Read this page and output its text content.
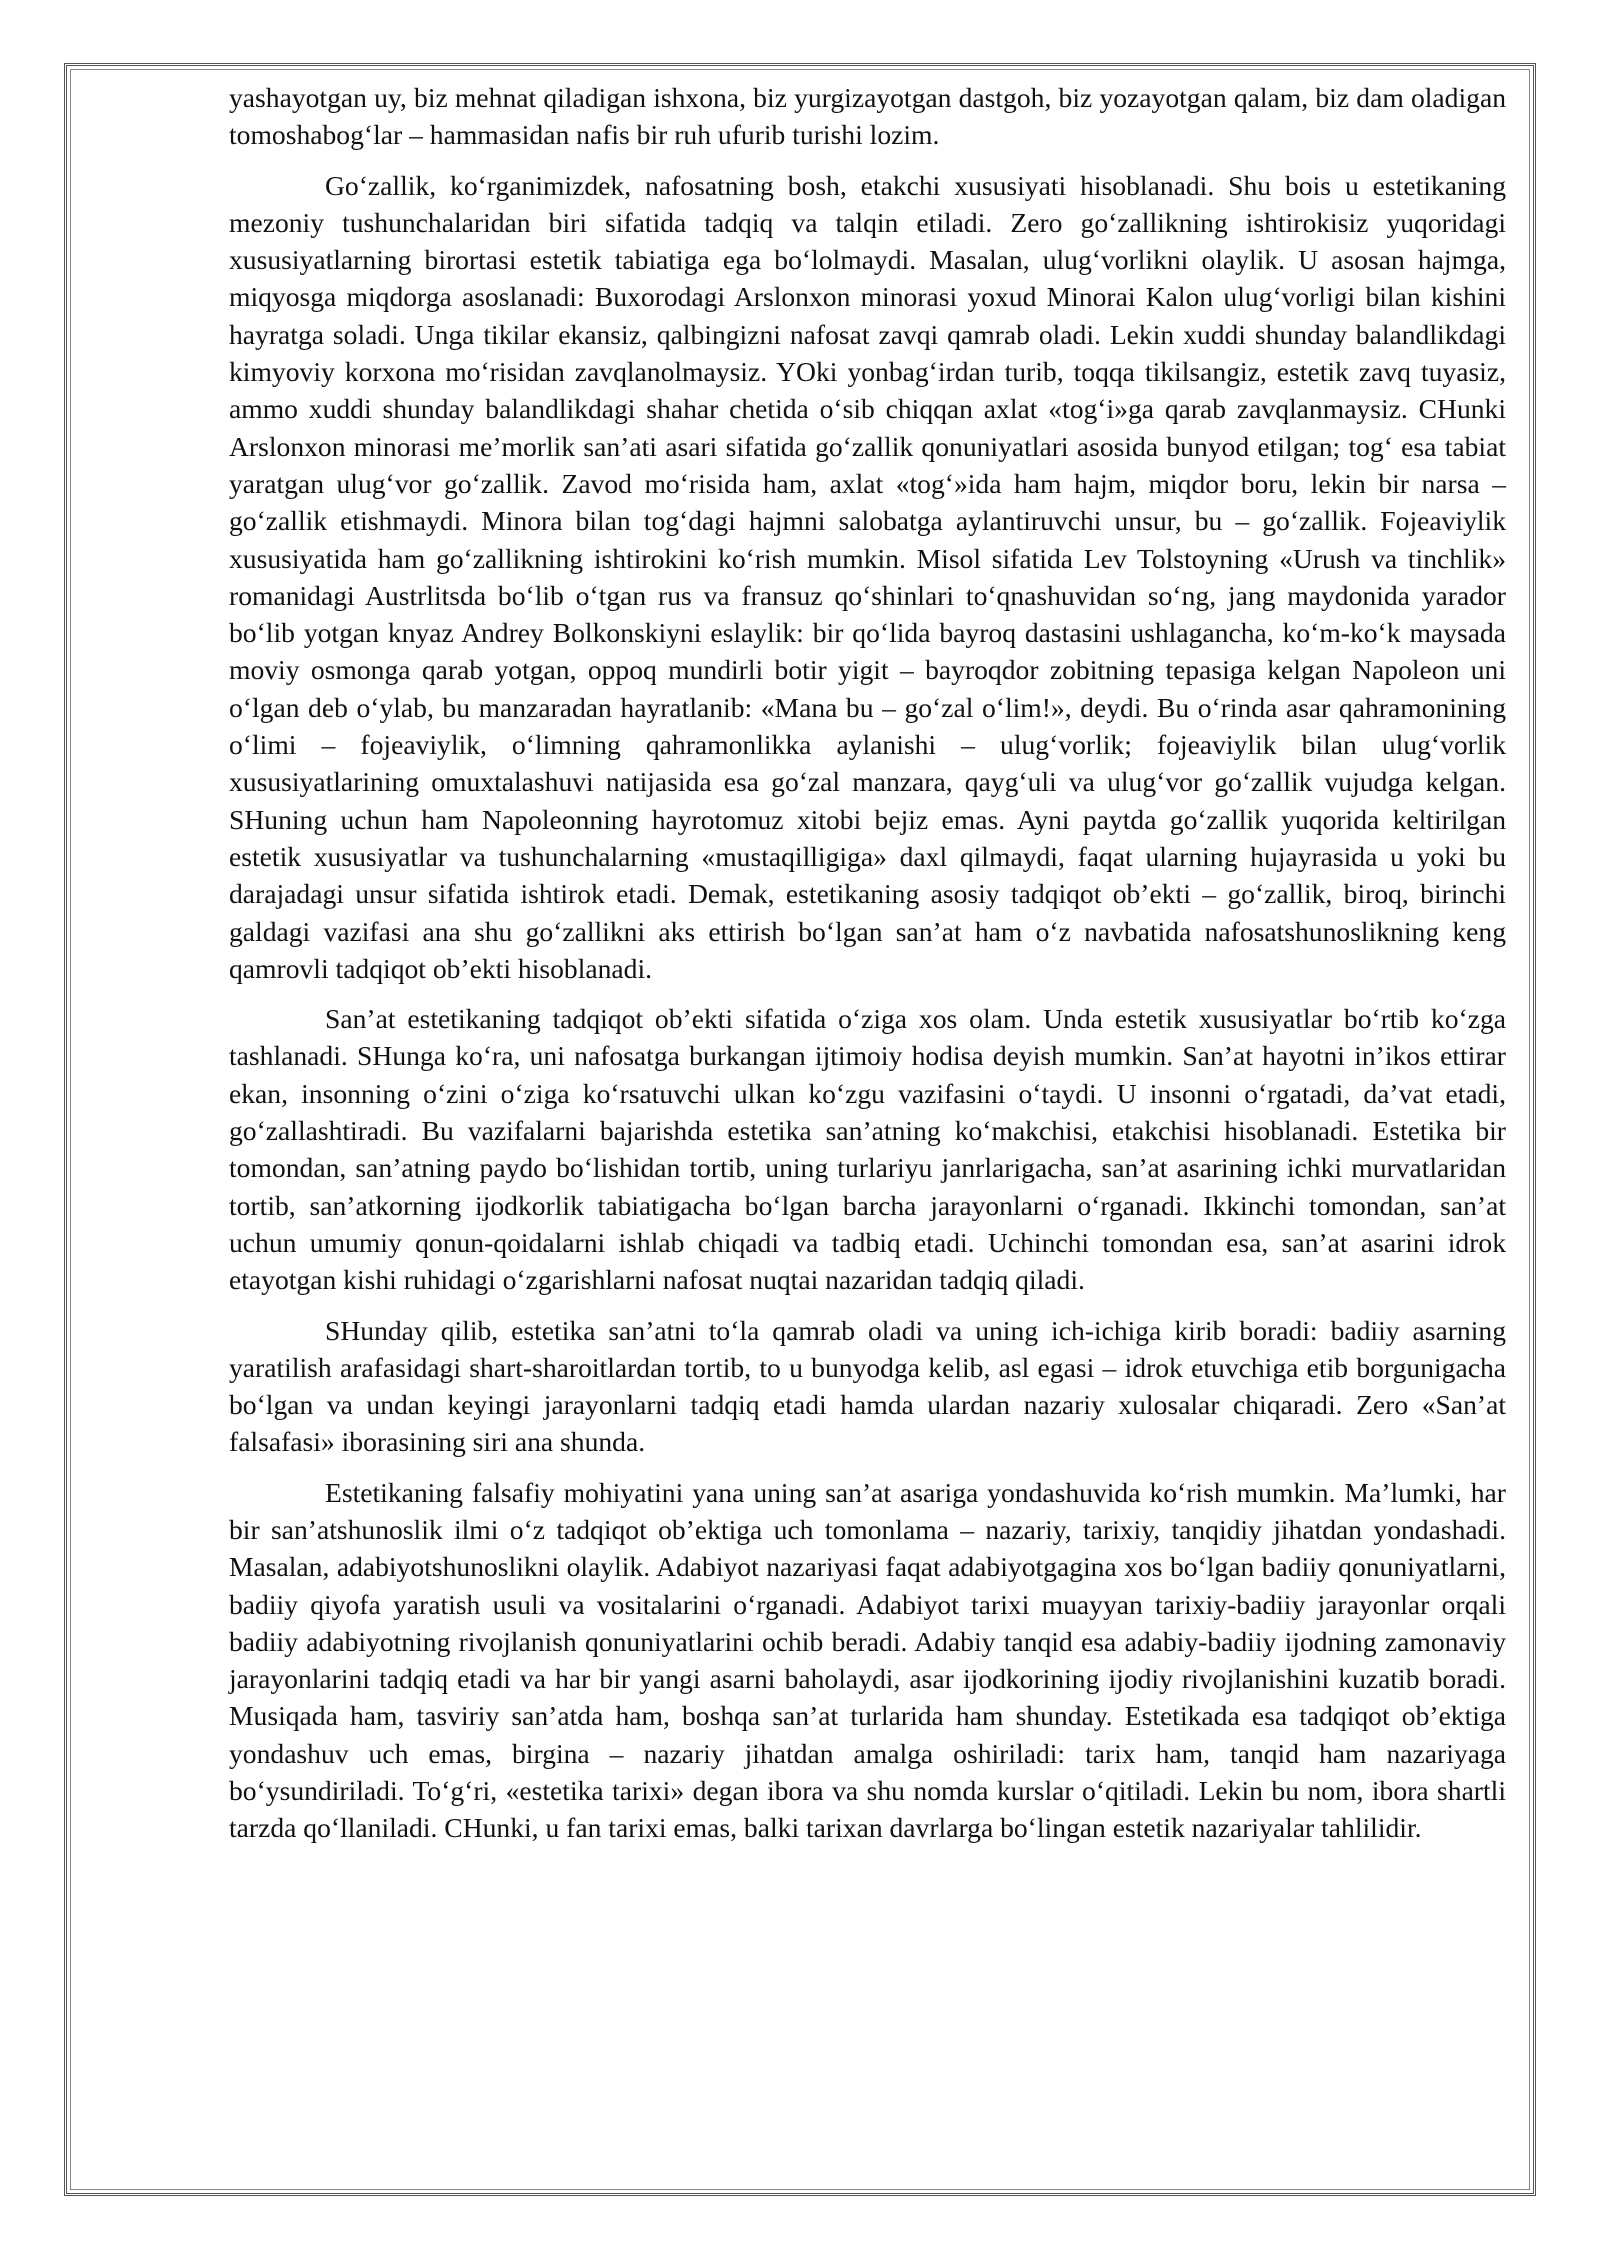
yashayotgan uy, biz mehnat qiladigan ishxona, biz yurgizayotgan dastgoh, biz yozayotgan qalam, biz dam oladigan tomoshabog‘lar – hammasidan nafis bir ruh ufurib turishi lozim.

Go‘zallik, ko‘rganimizdek, nafosatning bosh, etakchi xususiyati hisoblanadi. Shu bois u estetikaning mezoniy tushunchalaridan biri sifatida tadqiq va talqin etiladi. Zero go‘zallikning ishtirokisiz yuqoridagi xususiyatlarning birortasi estetik tabiatiga ega bo‘lolmaydi. Masalan, ulug‘vorlikni olaylik. U asosan hajmga, miqyosga miqdorga asoslanadi: Buxorodagi Arslonxon minorasi yoxud Minorai Kalon ulug‘vorligi bilan kishini hayratga soladi. Unga tikilar ekansiz, qalbingizni nafosat zavqi qamrab oladi. Lekin xuddi shunday balandlikdagi kimyoviy korxona mo‘risidan zavqlanolmaysiz. YOki yonbag‘irdan turib, toqqa tikilsangiz, estetik zavq tuyasiz, ammo xuddi shunday balandlikdagi shahar chetida o‘sib chiqqan axlat «tog‘i»ga qarab zavqlanmaysiz. CHunki Arslonxon minorasi me’morlik san’ati asari sifatida go‘zallik qonuniyatlari asosida bunyod etilgan; tog‘ esa tabiat yaratgan ulug‘vor go‘zallik. Zavod mo‘risida ham, axlat «tog‘»ida ham hajm, miqdor boru, lekin bir narsa –go‘zallik etishmaydi. Minora bilan tog‘dagi hajmni salobatga aylantiruvchi unsur, bu – go‘zallik. Fojeaviylik xususiyatida ham go‘zallikning ishtirokini ko‘rish mumkin. Misol sifatida Lev Tolstoyning «Urush va tinchlik» romanidagi Austrlitsda bo‘lib o‘tgan rus va fransuz qo‘shinlari to‘qnashuvidan so‘ng, jang maydonida yarador bo‘lib yotgan knyaz Andrey Bolkonskiyni eslaylik: bir qo‘lida bayroq dastasini ushlagancha, ko‘m-ko‘k maysada moviy osmonga qarab yotgan, oppoq mundirli botir yigit – bayroqdor zobitning tepasiga kelgan Napoleon uni o‘lgan deb o‘ylab, bu manzaradan hayratlanib: «Mana bu – go‘zal o‘lim!», deydi. Bu o‘rinda asar qahramonining o‘limi – fojeaviylik, o‘limning qahramonlikka aylanishi – ulug‘vorlik; fojeaviylik bilan ulug‘vorlik xususiyatlarining omuxtalashuvi natijasida esa go‘zal manzara, qayg‘uli va ulug‘vor go‘zallik vujudga kelgan. SHuning uchun ham Napoleonning hayrotomuz xitobi bejiz emas. Ayni paytda go‘zallik yuqorida keltirilgan estetik xususiyatlar va tushunchalarning «mustaqilligiga» daxl qilmaydi, faqat ularning hujayrasida u yoki bu darajadagi unsur sifatida ishtirok etadi. Demak, estetikaning asosiy tadqiqot ob’ekti – go‘zallik, biroq, birinchi galdagi vazifasi ana shu go‘zallikni aks ettirish bo‘lgan san’at ham o‘z navbatida nafosatshunoslikning keng qamrovli tadqiqot ob’ekti hisoblanadi.

San’at estetikaning tadqiqot ob’ekti sifatida o‘ziga xos olam. Unda estetik xususiyatlar bo‘rtib ko‘zga tashlanadi. SHunga ko‘ra, uni nafosatga burkangan ijtimoiy hodisa deyish mumkin. San’at hayotni in’ikos ettirar ekan, insonning o‘zini o‘ziga ko‘rsatuvchi ulkan ko‘zgu vazifasini o‘taydi. U insonni o‘rgatadi, da’vat etadi, go‘zallashtiradi. Bu vazifalarni bajarishda estetika san’atning ko‘makchisi, etakchisi hisoblanadi. Estetika bir tomondan, san’atning paydo bo‘lishidan tortib, uning turlariyu janrlarigacha, san’at asarining ichki murvatlaridan tortib, san’atkorning ijodkorlik tabiatigacha bo‘lgan barcha jarayonlarni o‘rganadi. Ikkinchi tomondan, san’at uchun umumiy qonun-qoidalarni ishlab chiqadi va tadbiq etadi. Uchinchi tomondan esa, san’at asarini idrok etayotgan kishi ruhidagi o‘zgarishlarni nafosat nuqtai nazaridan tadqiq qiladi.

SHunday qilib, estetika san’atni to‘la qamrab oladi va uning ich-ichiga kirib boradi: badiiy asarning yaratilish arafasidagi shart-sharoitlardan tortib, to u bunyodga kelib, asl egasi – idrok etuvchiga etib borgunigacha bo‘lgan va undan keyingi jarayonlarni tadqiq etadi hamda ulardan nazariy xulosalar chiqaradi. Zero «San’at falsafasi» iborasining siri ana shunda.

Estetikaning falsafiy mohiyatini yana uning san’at asariga yondashuvida ko‘rish mumkin. Ma’lumki, har bir san’atshunoslik ilmi o‘z tadqiqot ob’ektiga uch tomonlama – nazariy, tarixiy, tanqidiy jihatdan yondashadi. Masalan, adabiyotshunoslikni olaylik. Adabiyot nazariyasi faqat adabiyotgagina xos bo‘lgan badiiy qonuniyatlarni, badiiy qiyofa yaratish usuli va vositalarini o‘rganadi. Adabiyot tarixi muayyan tarixiy-badiiy jarayonlar orqali badiiy adabiyotning rivojlanish qonuniyatlarini ochib beradi. Adabiy tanqid esa adabiy-badiiy ijodning zamonaviy jarayonlarini tadqiq etadi va har bir yangi asarni baholaydi, asar ijodkorining ijodiy rivojlanishini kuzatib boradi. Musiqada ham, tasviriy san’atda ham, boshqa san’at turlarida ham shunday. Estetikada esa tadqiqot ob’ektiga yondashuv uch emas, birgina – nazariy jihatdan amalga oshiriladi: tarix ham, tanqid ham nazariyaga bo‘ysundiriladi. To‘g‘ri, «estetika tarixi» degan ibora va shu nomda kurslar o‘qitiladi. Lekin bu nom, ibora shartli tarzda qo‘llaniladi. CHunki, u fan tarixi emas, balki tarixan davrlarga bo‘lingan estetik nazariyalar tahlilidir.
